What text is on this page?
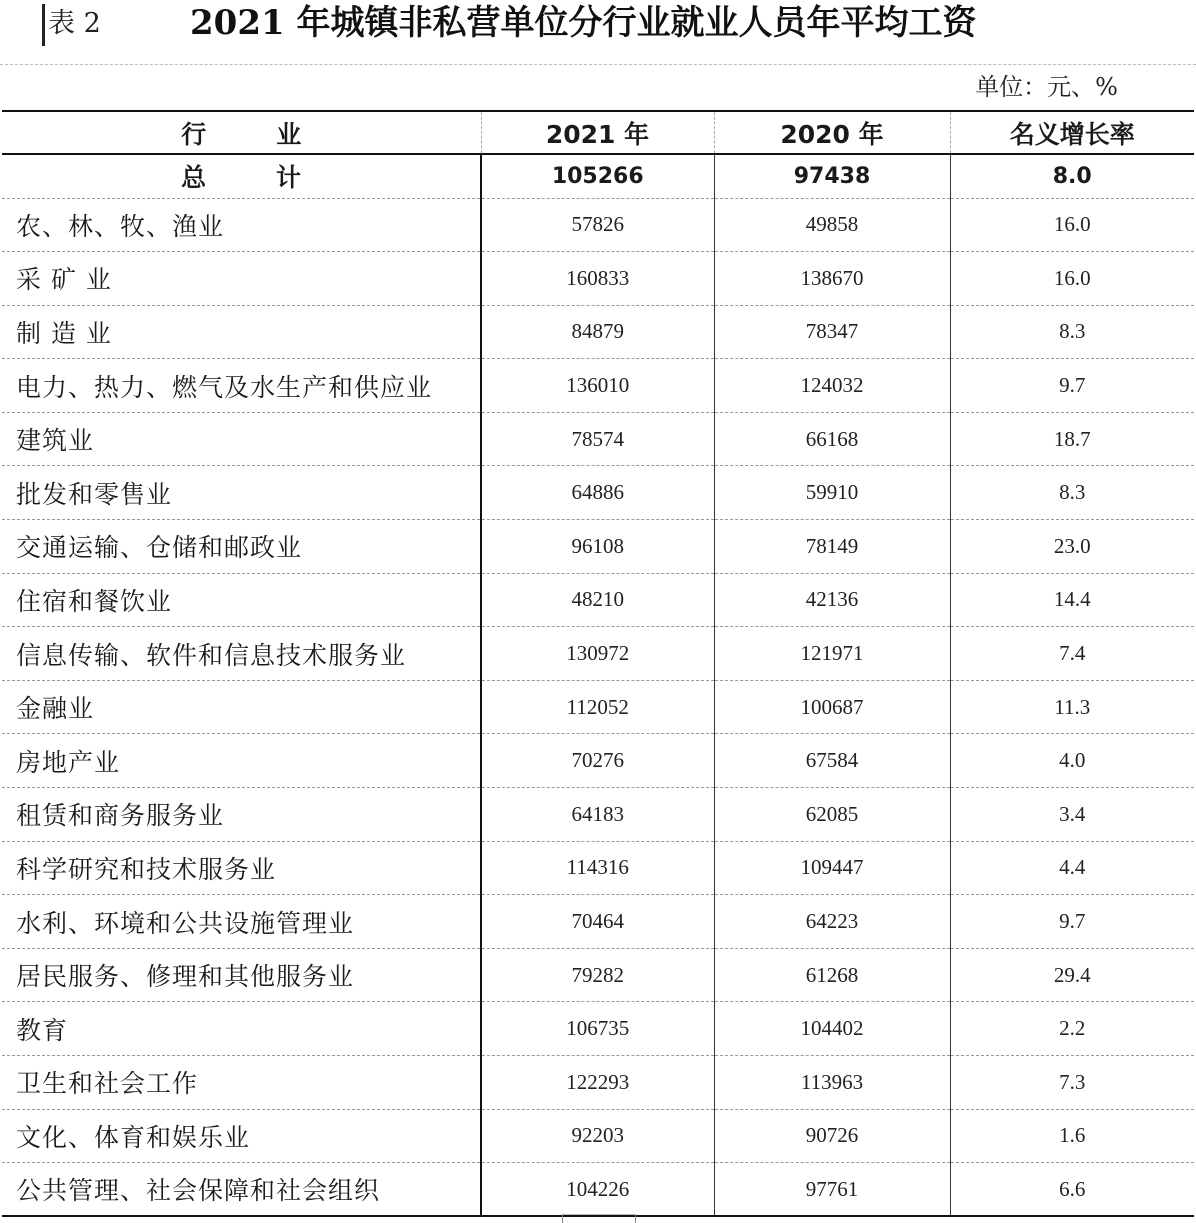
表 2	2021 年城镇非私营单位分行业就业人员年平均工资
单位：元、%
行业	2021 年	2020 年	名义增长率
总计	105266	97438	8.0
农、林、牧、渔业	57826	49858	16.0
采 矿 业	160833	138670	16.0
制 造 业	84879	78347	8.3
电力、热力、燃气及水生产和供应业	136010	124032	9.7
建筑业	78574	66168	18.7
批发和零售业	64886	59910	8.3
交通运输、仓储和邮政业	96108	78149	23.0
住宿和餐饮业	48210	42136	14.4
信息传输、软件和信息技术服务业	130972	121971	7.4
金融业	112052	100687	11.3
房地产业	70276	67584	4.0
租赁和商务服务业	64183	62085	3.4
科学研究和技术服务业	114316	109447	4.4
水利、环境和公共设施管理业	70464	64223	9.7
居民服务、修理和其他服务业	79282	61268	29.4
教育	106735	104402	2.2
卫生和社会工作	122293	113963	7.3
文化、体育和娱乐业	92203	90726	1.6
公共管理、社会保障和社会组织	104226	97761	6.6
